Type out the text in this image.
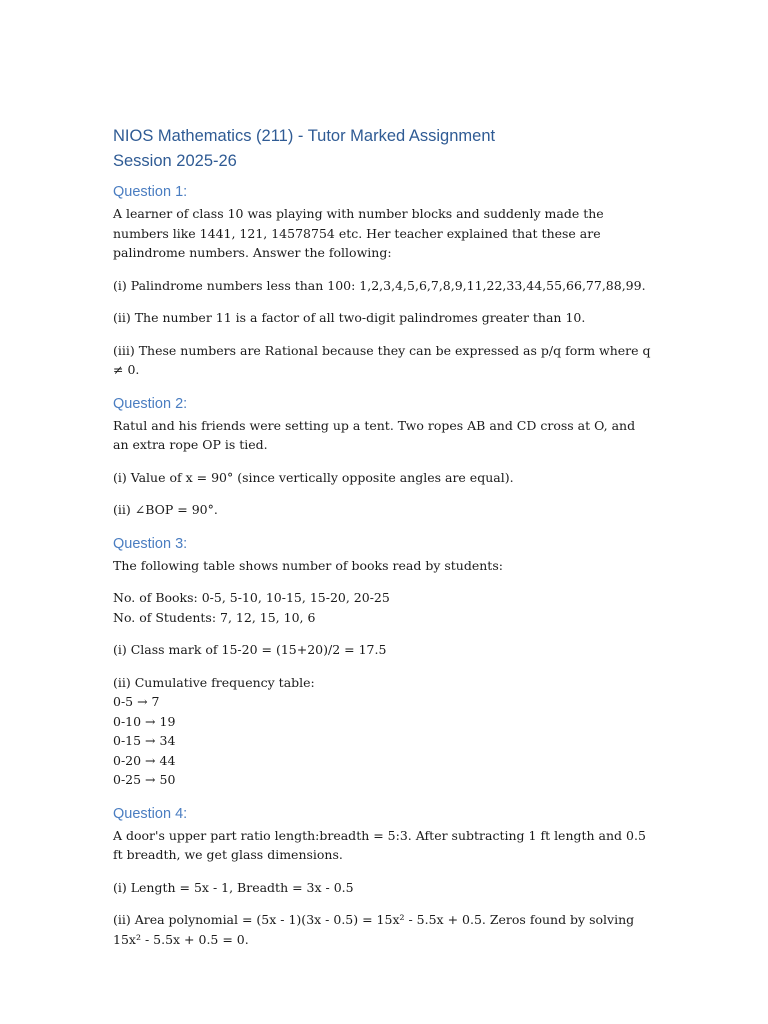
NIOS Mathematics (211) - Tutor Marked Assignment
Session 2025-26
Question 1:

A learner of class 10 was playing with number blocks and suddenly made the numbers like 1441, 121, 14578754 etc. Her teacher explained that these are palindrome numbers. Answer the following:

(i) Palindrome numbers less than 100: 1,2,3,4,5,6,7,8,9,11,22,33,44,55,66,77,88,99.

(ii) The number 11 is a factor of all two-digit palindromes greater than 10.

(iii) These numbers are Rational because they can be expressed as p/q form where q ≠ 0.

Question 2:

Ratul and his friends were setting up a tent. Two ropes AB and CD cross at O, and an extra rope OP is tied.

(i) Value of x = 90° (since vertically opposite angles are equal).

(ii) ∠BOP = 90°.

Question 3:

The following table shows number of books read by students:

No. of Books: 0-5, 5-10, 10-15, 15-20, 20-25
No. of Students: 7, 12, 15, 10, 6

(i) Class mark of 15-20 = (15+20)/2 = 17.5

(ii) Cumulative frequency table:
0-5 → 7
0-10 → 19
0-15 → 34
0-20 → 44
0-25 → 50

Question 4:

A door's upper part ratio length:breadth = 5:3. After subtracting 1 ft length and 0.5 ft breadth, we get glass dimensions.

(i) Length = 5x - 1, Breadth = 3x - 0.5

(ii) Area polynomial = (5x - 1)(3x - 0.5) = 15x² - 5.5x + 0.5. Zeros found by solving 15x² - 5.5x + 0.5 = 0.
